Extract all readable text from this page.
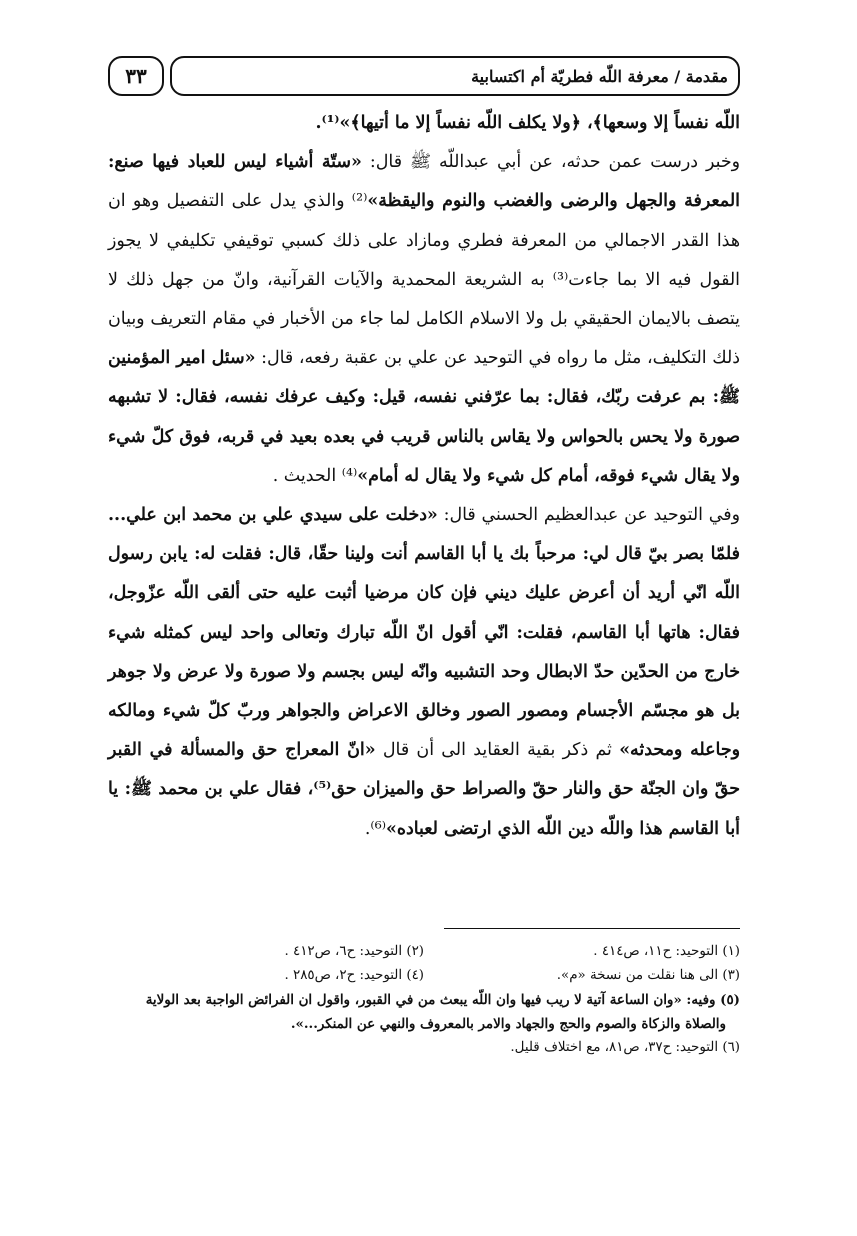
٣٣	مقدمة / معرفة اللّه فطريّة أم اكتسابية

اللّه نفساً إلا وسعها﴾، ﴿ولا يكلف اللّه نفساً إلا ما أتيها﴾»⁽¹⁾.

وخبر درست عمن حدثه، عن أبي عبداللّه ﷺ قال: «ستّة أشياء ليس للعباد فيها صنع: المعرفة والجهل والرضى والغضب والنوم واليقظة»⁽²⁾ والذي يدل على التفصيل وهو ان هذا القدر الاجمالي من المعرفة فطري ومازاد على ذلك كسبي توقيفي تكليفي لا يجوز القول فيه الا بما جاءت⁽³⁾ به الشريعة المحمدية والآيات القرآنية، وانّ من جهل ذلك لا يتصف بالايمان الحقيقي بل ولا الاسلام الكامل لما جاء من الأخبار في مقام التعريف وبيان ذلك التكليف، مثل ما رواه في التوحيد عن علي بن عقبة رفعه، قال: «سئل امير المؤمنين ﷺ: بم عرفت ربّك، فقال: بما عرّفني نفسه، قيل: وكيف عرفك نفسه، فقال: لا تشبهه صورة ولا يحس بالحواس ولا يقاس بالناس قريب في بعده بعيد في قربه، فوق كلّ شيء ولا يقال شيء فوقه، أمام كل شيء ولا يقال له أمام»⁽⁴⁾ الحديث .

وفي التوحيد عن عبدالعظيم الحسني قال: «دخلت على سيدي علي بن محمد ابن علي... فلمّا بصر بيّ قال لي: مرحباً بك يا أبا القاسم أنت ولينا حقّا، قال: فقلت له: يابن رسول اللّه انّي أريد أن أعرض عليك ديني فإن كان مرضيا أثبت عليه حتى ألقى اللّه عزّوجل، فقال: هاتها أبا القاسم، فقلت: انّي أقول انّ اللّه تبارك وتعالى واحد ليس كمثله شيء خارج من الحدّين حدّ الابطال وحد التشبيه وانّه ليس بجسم ولا صورة ولا عرض ولا جوهر بل هو مجسّم الأجسام ومصور الصور وخالق الاعراض والجواهر وربّ كلّ شيء ومالكه وجاعله ومحدثه» ثم ذكر بقية العقايد الى أن قال «انّ المعراج حق والمسألة في القبر حقّ وان الجنّة حق والنار حقّ والصراط حق والميزان حق⁽⁵⁾، فقال علي بن محمد ﷺ: يا أبا القاسم هذا واللّه دين اللّه الذي ارتضى لعباده»⁽⁶⁾.

(١) التوحيد: ح١١، ص٤١٤ .
(٢) التوحيد: ح٦، ص٤١٢ .
(٣) الى هنا نقلت من نسخة «م».
(٤) التوحيد: ح٢، ص٢٨٥ .
(٥) وفيه: «وان الساعة آتية لا ريب فيها وان اللّه يبعث من في القبور، واقول ان الفرائض الواجبة بعد الولاية
والصلاة والزكاة والصوم والحج والجهاد والامر بالمعروف والنهي عن المنكر...».
(٦) التوحيد: ح٣٧، ص٨١، مع اختلاف قليل.
